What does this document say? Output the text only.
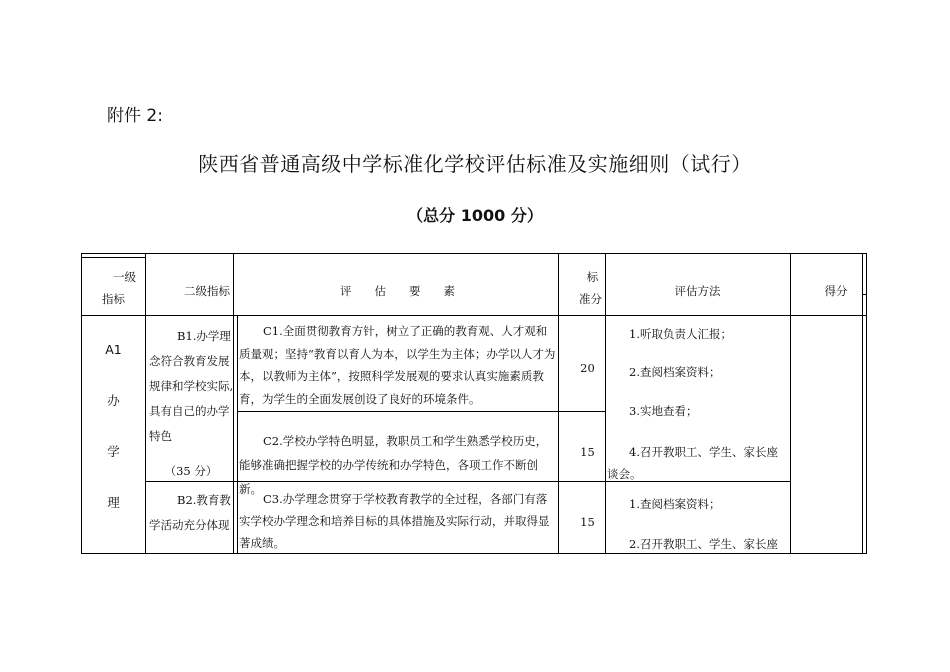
附件 2:
陕西省普通高级中学标准化学校评估标准及实施细则（试行）
（总分 1000 分）
一级
指标
二级指标	评　　估　　要　　素
标
准分
评估方法	得分
A1
办
学
理
B1.办学理念符合教育发展规律和学校实际,具有自己的办学特色
（35 分）
B2.教育教学活动充分体现
C1.全面贯彻教育方针，树立了正确的教育观、人才观和质量观；坚持“教育以育人为本，以学生为主体；办学以人才为本，以教师为主体”，按照科学发展观的要求认真实施素质教育，为学生的全面发展创设了良好的环境条件。
20
C2.学校办学特色明显，教职员工和学生熟悉学校历史，能够准确把握学校的办学传统和办学特色，各项工作不断创新。
15
C3.办学理念贯穿于学校教育教学的全过程，各部门有落实学校办学理念和培养目标的具体措施及实际行动，并取得显著成绩。
15
1.听取负责人汇报；
2.查阅档案资料；
3.实地查看；
4.召开教职工、学生、家长座谈会。
1.查阅档案资料；
2.召开教职工、学生、家长座
